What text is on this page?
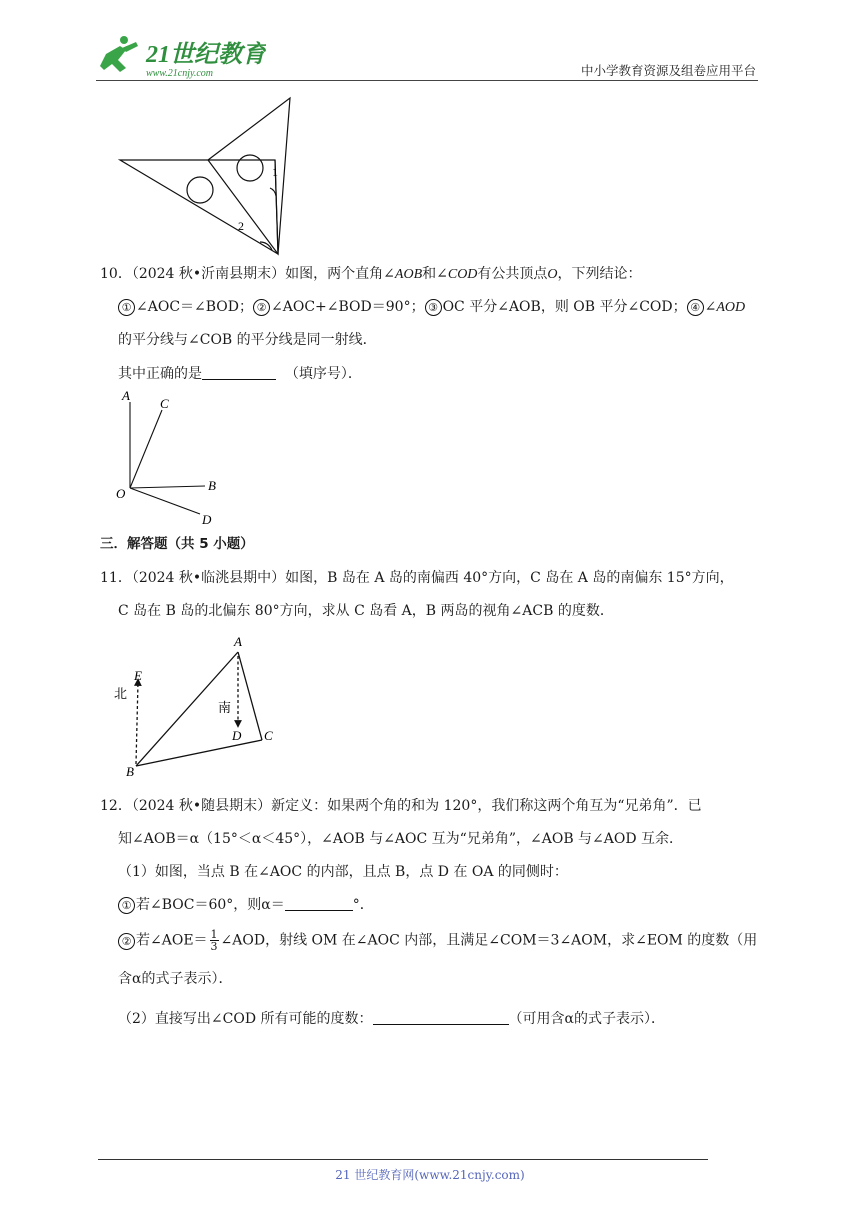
21世纪教育
www.21cnjy.com	中小学教育资源及组卷应用平台
1
2
10．（2024 秋•沂南县期末）如图，两个直角∠AOB和∠COD有公共顶点O，下列结论：
① ∠AOC＝∠BOD； ② ∠AOC+∠BOD＝90°； ③ OC 平分∠AOB，则 OB 平分∠COD； ④ ∠AOD
的平分线与∠COB 的平分线是同一射线．
其中正确的是	（填序号）．
A
C
B
D
O
三．解答题（共 5 小题）
11．（2024 秋•临洮县期中）如图，B 岛在 A 岛的南偏西 40°方向，C 岛在 A 岛的南偏东 15°方向，
C 岛在 B 岛的北偏东 80°方向，求从 C 岛看 A，B 两岛的视角∠ACB 的度数．
A
B
C
D
E
北
南
12．（2024 秋•随县期末）新定义：如果两个角的和为 120°，我们称这两个角互为“兄弟角”．已
知∠AOB＝α（15°＜α＜45°），∠AOB 与∠AOC 互为“兄弟角”，∠AOB 与∠AOD 互余．
（1）如图，当点 B 在∠AOC 的内部，且点 B，点 D 在 OA 的同侧时：
① 若∠BOC＝60°，则α＝	°．
② 若∠AOE＝ $\frac{1}{3}$ ∠AOD，射线 OM 在∠AOC 内部，且满足∠COM＝3∠AOM，求∠EOM 的度数（用
含α的式子表示）．
（2）直接写出∠COD 所有可能的度数：	（可用含α的式子表示）．
21 世纪教育网(www.21cnjy.com)
